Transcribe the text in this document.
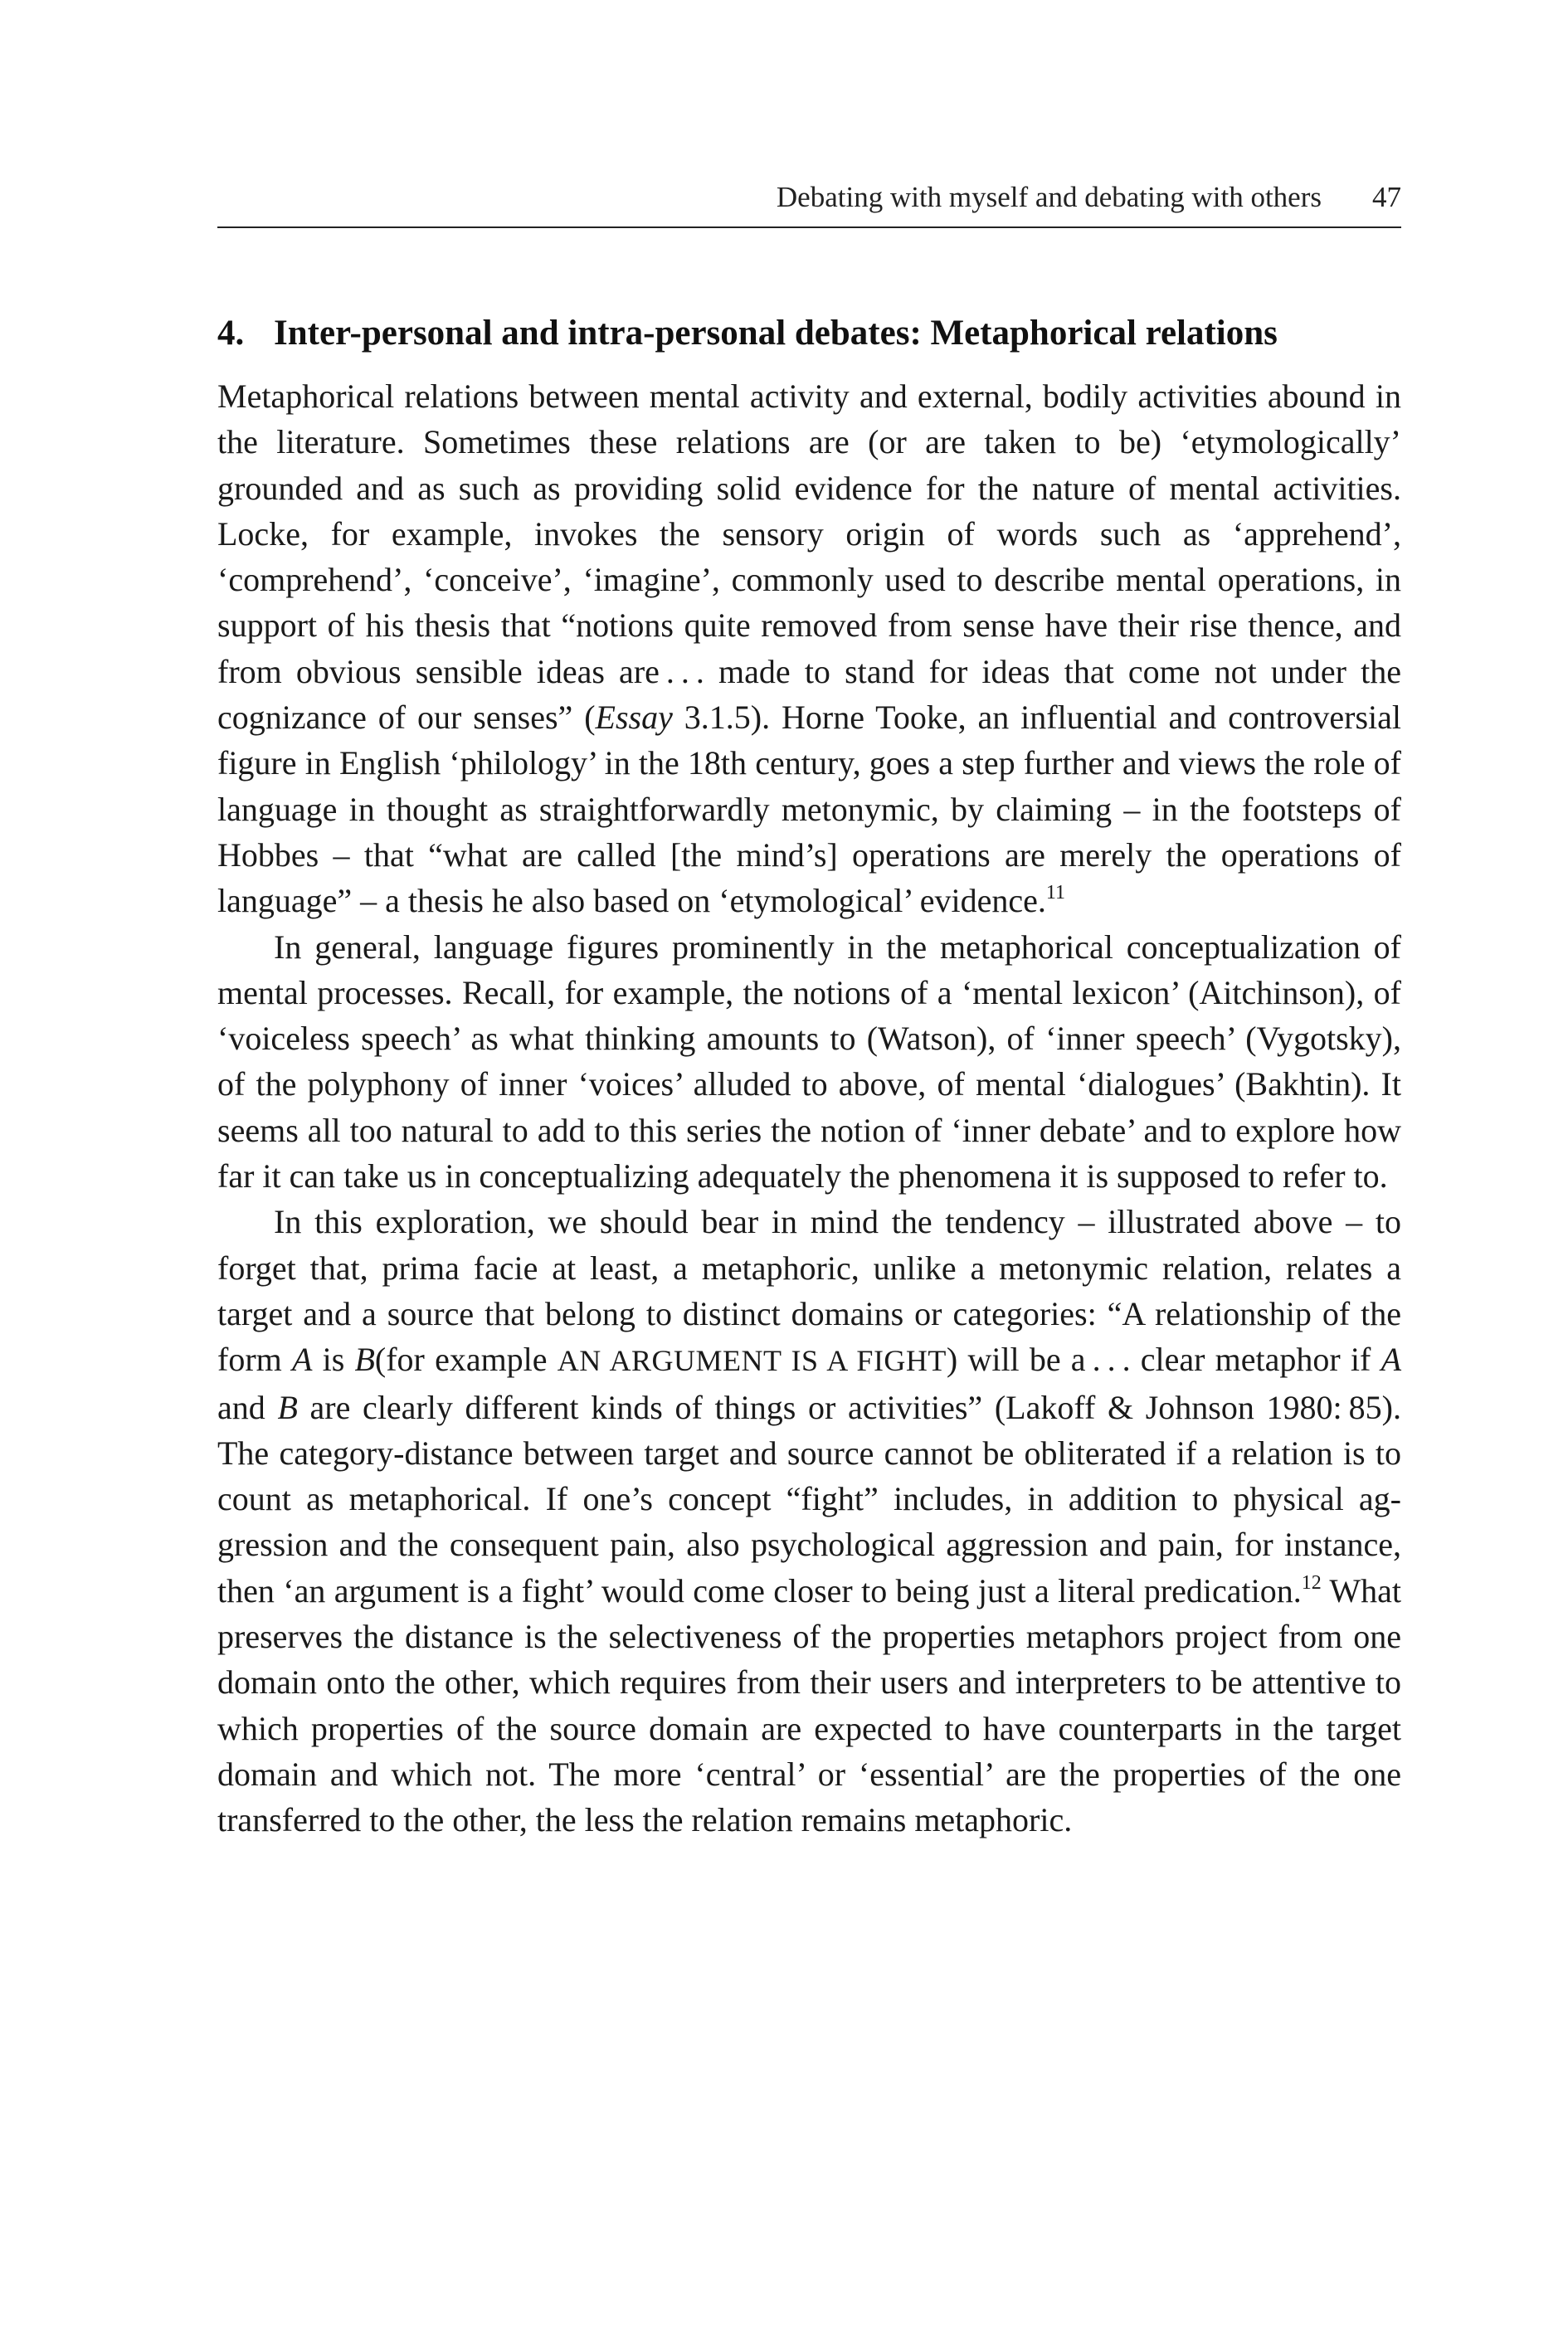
Debating with myself and debating with others 47
4. Inter-personal and intra-personal debates: Metaphorical relations

Metaphorical relations between mental activity and external, bodily activities abound in the literature. Sometimes these relations are (or are taken to be) ‘etymologically’ grounded and as such as providing solid evidence for the nature of mental activities. Locke, for example, invokes the sensory origin of words such as ‘apprehend’, ‘comprehend’, ‘conceive’, ‘imagine’, commonly used to describe mental operations, in support of his thesis that “notions quite removed from sense have their rise thence, and from obvious sensible ideas are . . . made to stand for ideas that come not under the cognizance of our senses” (Essay 3.1.5). Horne Tooke, an influential and controversial figure in English ‘philology’ in the 18th century, goes a step further and views the role of language in thought as straightforwardly metonymic, by claiming – in the footsteps of Hobbes – that “what are called [the mind’s] operations are merely the operations of language” – a thesis he also based on ‘etymological’ evidence.$^{11}$

In general, language figures prominently in the metaphorical conceptualization of mental processes. Recall, for example, the notions of a ‘mental lexicon’ (Aitchinson), of ‘voiceless speech’ as what thinking amounts to (Watson), of ‘inner speech’ (Vygotsky), of the polyphony of inner ‘voices’ alluded to above, of mental ‘dialogues’ (Bakhtin). It seems all too natural to add to this series the notion of ‘inner debate’ and to explore how far it can take us in conceptualizing adequately the phenomena it is supposed to refer to.

In this exploration, we should bear in mind the tendency – illustrated above – to forget that, prima facie at least, a metaphoric, unlike a metonymic relation, relates a target and a source that belong to distinct domains or categories: “A relationship of the form A is B(for example AN ARGUMENT IS A FIGHT) will be a . . . clear metaphor if A and B are clearly different kinds of things or activities” (Lakoff & Johnson 1980: 85). The category-distance between target and source cannot be obliterated if a relation is to count as metaphorical. If one’s concept “fight” includes, in addition to physical aggression and the consequent pain, also psychological aggression and pain, for instance, then ‘an argument is a fight’ would come closer to being just a literal predication.$^{12}$ What preserves the distance is the selectiveness of the properties metaphors project from one domain onto the other, which requires from their users and interpreters to be attentive to which properties of the source domain are expected to have counterparts in the target domain and which not. The more ‘central’ or ‘essential’ are the properties of the one transferred to the other, the less the relation remains metaphoric.
